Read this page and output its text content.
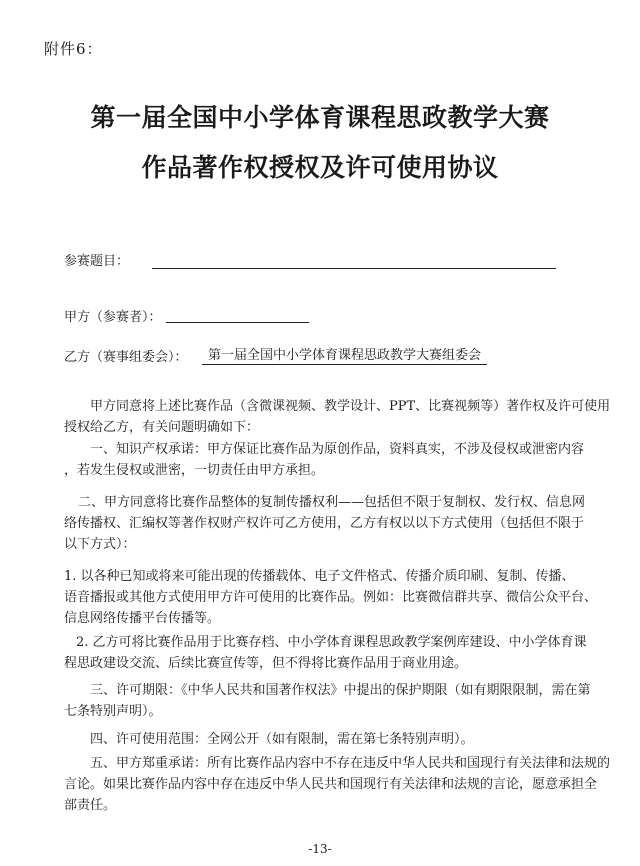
附件6：
第一届全国中小学体育课程思政教学大赛
作品著作权授权及许可使用协议
参赛题目：
甲方（参赛者）：
乙方（赛事组委会）：	第一届全国中小学体育课程思政教学大赛组委会
甲方同意将上述比赛作品（含微课视频、教学设计、PPT、比赛视频等）著作权及许可使用
授权给乙方，有关问题明确如下：
一、知识产权承诺：甲方保证比赛作品为原创作品，资料真实，不涉及侵权或泄密内容
，若发生侵权或泄密，一切责任由甲方承担。
二、甲方同意将比赛作品整体的复制传播权利——包括但不限于复制权、发行权、信息网
络传播权、汇编权等著作权财产权许可乙方使用，乙方有权以以下方式使用（包括但不限于
以下方式）：
1. 以各种已知或将来可能出现的传播载体、电子文件格式、传播介质印刷、复制、传播、
语音播报或其他方式使用甲方许可使用的比赛作品。例如：比赛微信群共享、微信公众平台、
信息网络传播平台传播等。
2. 乙方可将比赛作品用于比赛存档、中小学体育课程思政教学案例库建设、中小学体育课
程思政建设交流、后续比赛宣传等，但不得将比赛作品用于商业用途。
三、许可期限：《中华人民共和国著作权法》中提出的保护期限（如有期限限制，需在第
七条特别声明）。
四、许可使用范围：全网公开（如有限制，需在第七条特别声明）。
五、甲方郑重承诺：所有比赛作品内容中不存在违反中华人民共和国现行有关法律和法规的
言论。如果比赛作品内容中存在违反中华人民共和国现行有关法律和法规的言论，愿意承担全
部责任。
-13-
